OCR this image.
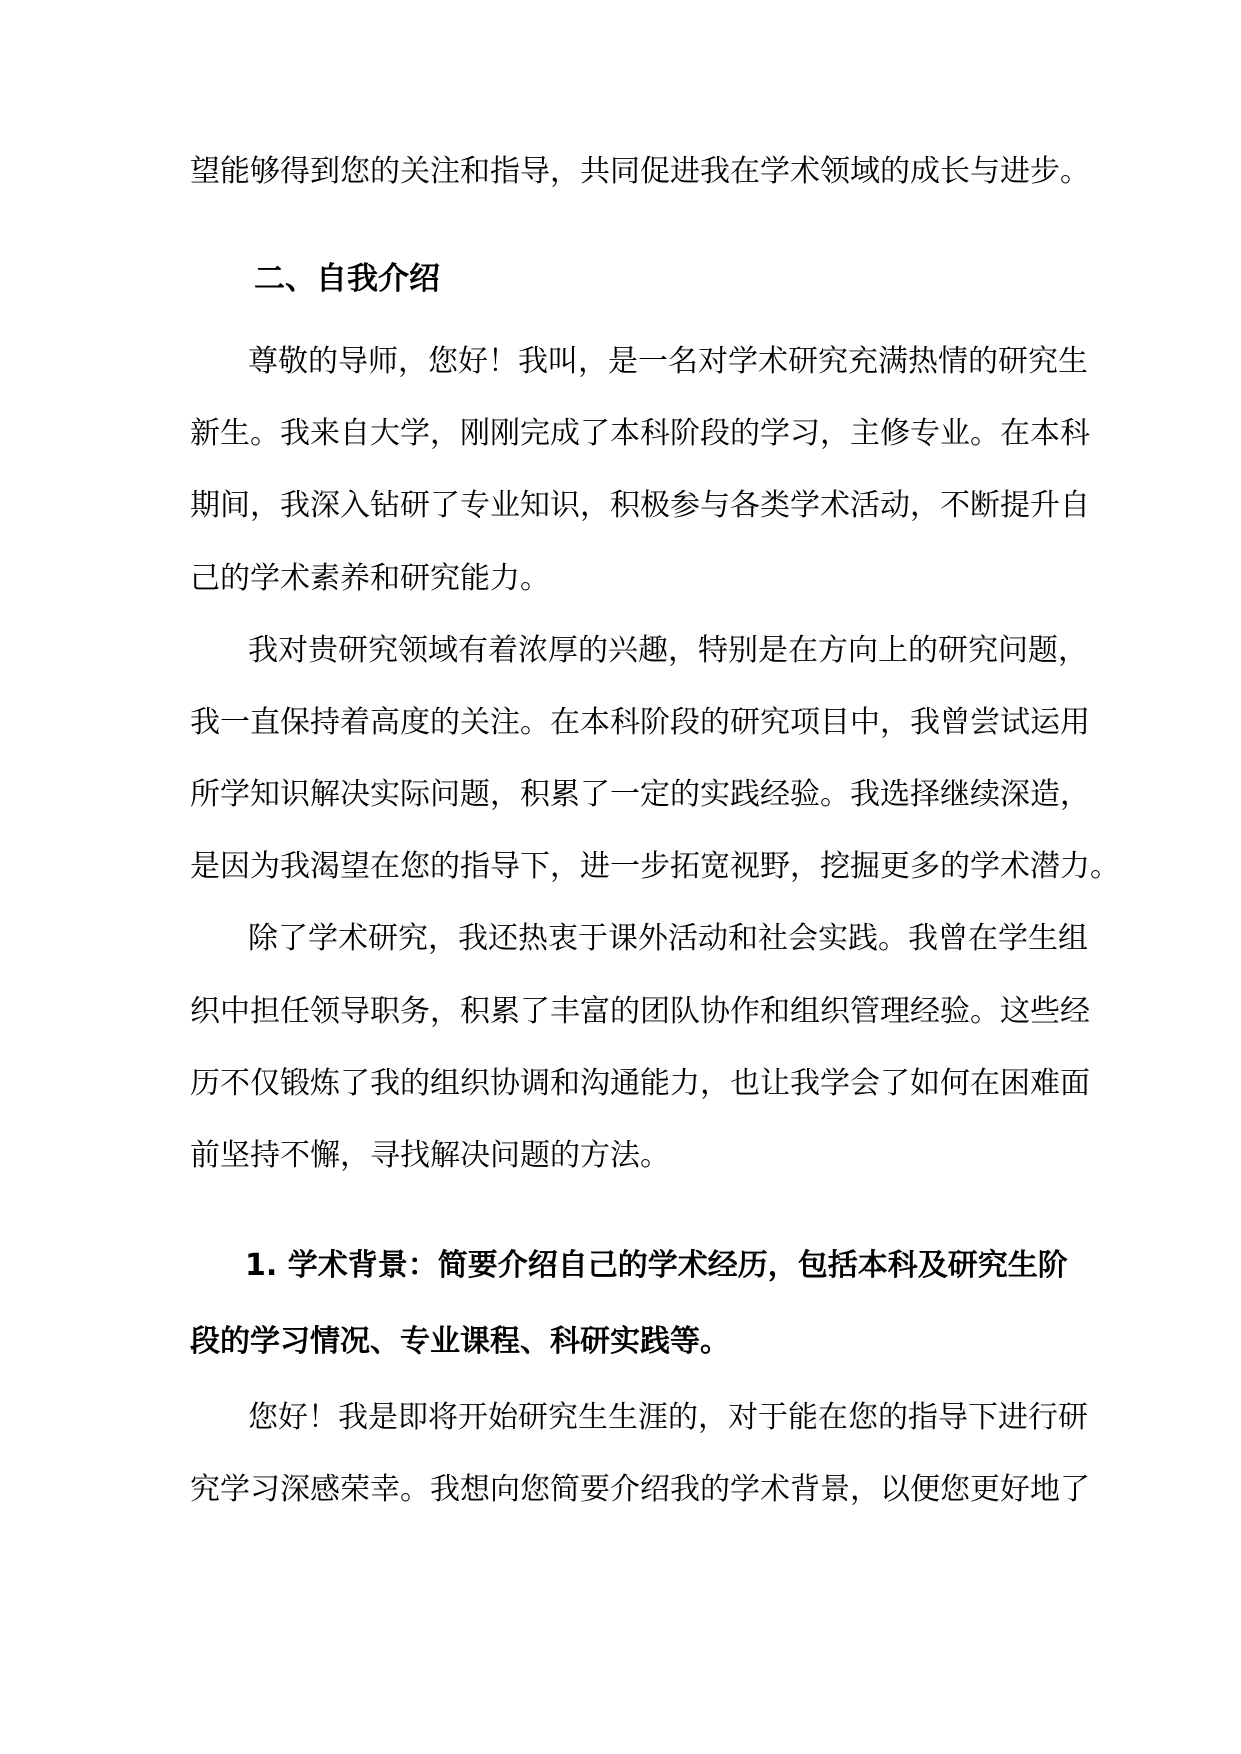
望能够得到您的关注和指导，共同促进我在学术领域的成长与进步。

二、自我介绍

尊敬的导师，您好！我叫，是一名对学术研究充满热情的研究生

新生。我来自大学，刚刚完成了本科阶段的学习，主修专业。在本科

期间，我深入钻研了专业知识，积极参与各类学术活动，不断提升自

己的学术素养和研究能力。

我对贵研究领域有着浓厚的兴趣，特别是在方向上的研究问题，

我一直保持着高度的关注。在本科阶段的研究项目中，我曾尝试运用

所学知识解决实际问题，积累了一定的实践经验。我选择继续深造，

是因为我渴望在您的指导下，进一步拓宽视野，挖掘更多的学术潜力。

除了学术研究，我还热衷于课外活动和社会实践。我曾在学生组

织中担任领导职务，积累了丰富的团队协作和组织管理经验。这些经

历不仅锻炼了我的组织协调和沟通能力，也让我学会了如何在困难面

前坚持不懈，寻找解决问题的方法。

1. 学术背景：简要介绍自己的学术经历，包括本科及研究生阶

段的学习情况、专业课程、科研实践等。

您好！我是即将开始研究生生涯的，对于能在您的指导下进行研

究学习深感荣幸。我想向您简要介绍我的学术背景，以便您更好地了
